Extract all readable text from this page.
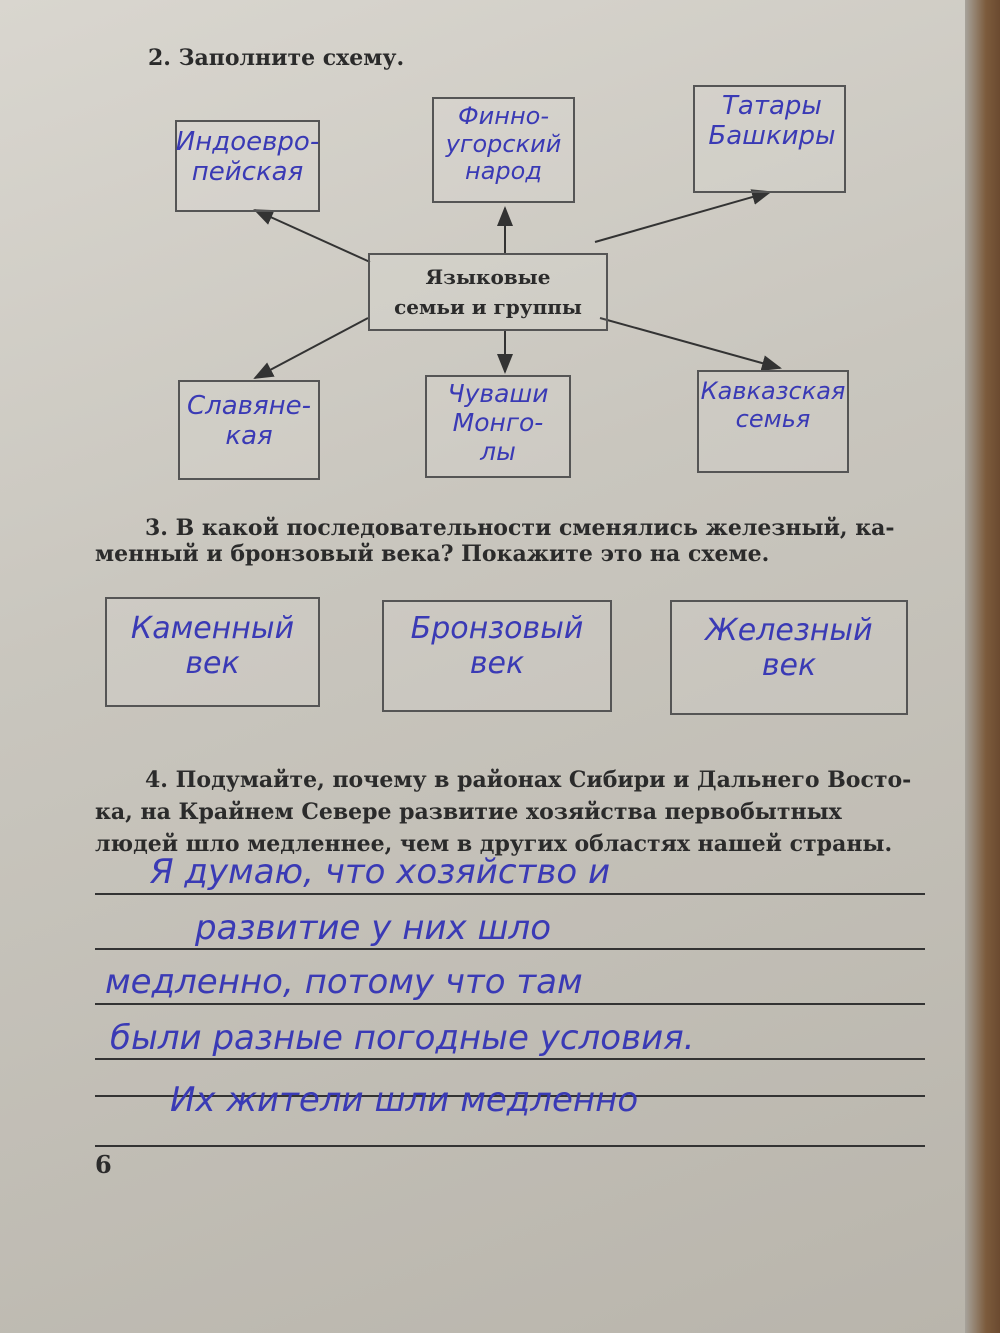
2. Заполните схему.
Языковые
семьи и группы
Индоевро-
пейская
Финно-
угорский
народ
Татары
Башкиры
Славяне-
кая
Чуваши
Монго-
лы
Кавказская
семья
3. В какой последовательности сменялись железный, ка-
менный и бронзовый века? Покажите это на схеме.
Каменный
век
Бронзовый
век
Железный
век
4. Подумайте, почему в районах Сибири и Дальнего Восто-
ка, на Крайнем Севере развитие хозяйства первобытных
людей шло медленнее, чем в других областях нашей страны.
Я думаю, что хозяйство и
развитие у них шло
медленно, потому что там
были разные погодные условия.
Их жители шли медленно
6
